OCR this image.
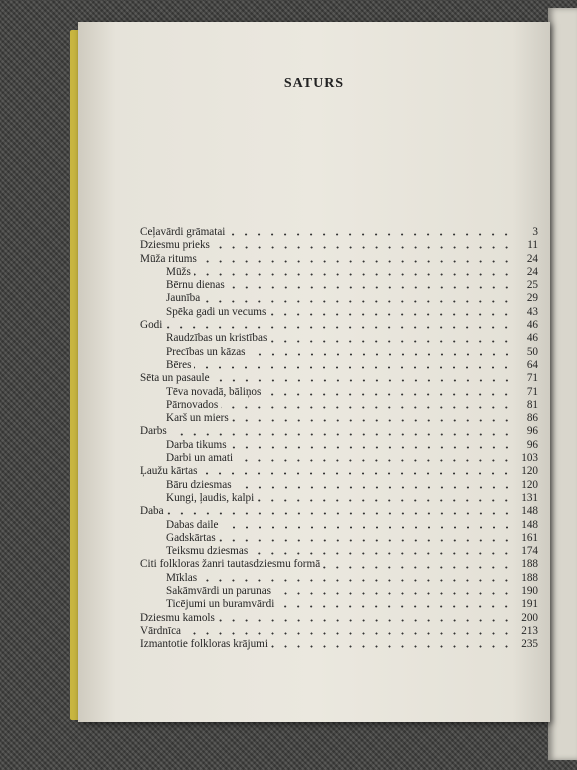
SATURS
Ceļavārdi grāmatai	3
Dziesmu prieks	11
Mūža ritums	24
Mūžs	24
Bērnu dienas	25
Jaunība	29
Spēka gadi un vecums	43
Godi	46
Raudzības un kristības	46
Precības un kāzas	50
Bēres	64
Sēta un pasaule	71
Tēva novadā, bāliņos	71
Pārnovados	81
Karš un miers	86
Darbs	96
Darba tikums	96
Darbi un amati	103
Ļaužu kārtas	120
Bāru dziesmas	120
Kungi, ļaudis, kalpi	131
Daba	148
Dabas daile	148
Gadskārtas	161
Teiksmu dziesmas	174
Citi folkloras žanri tautasdziesmu formā	188
Mīklas	188
Sakāmvārdi un parunas	190
Ticējumi un buramvārdi	191
Dziesmu kamols	200
Vārdnīca	213
Izmantotie folkloras krājumi	235
